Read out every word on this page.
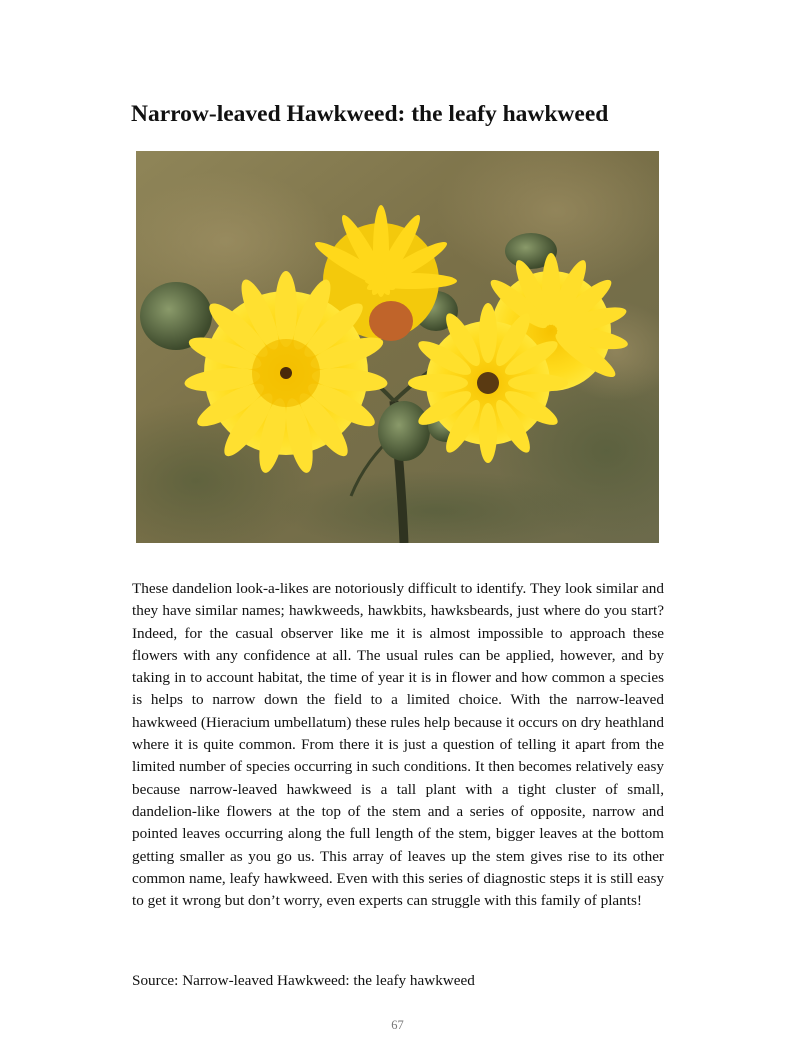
Narrow-leaved Hawkweed: the leafy hawkweed

These dandelion look-a-likes are notoriously difficult to identify. They look similar and they have similar names; hawkweeds, hawkbits, hawksbeards, just where do you start? Indeed, for the casual observer like me it is almost impossible to approach these flowers with any confidence at all. The usual rules can be applied, however, and by taking in to account habitat, the time of year it is in flower and how common a species is helps to narrow down the field to a limited choice. With the narrow-leaved hawkweed (Hieracium umbellatum) these rules help because it occurs on dry heathland where it is quite common. From there it is just a question of telling it apart from the limited number of species occurring in such conditions. It then becomes relatively easy because narrow-leaved hawkweed is a tall plant with a tight cluster of small, dandelion-like flowers at the top of the stem and a series of opposite, narrow and pointed leaves occurring along the full length of the stem, bigger leaves at the bottom getting smaller as you go us. This array of leaves up the stem gives rise to its other common name, leafy hawkweed. Even with this series of diagnostic steps it is still easy to get it wrong but don’t worry, even experts can struggle with this family of plants!

Source: Narrow-leaved Hawkweed: the leafy hawkweed

67
